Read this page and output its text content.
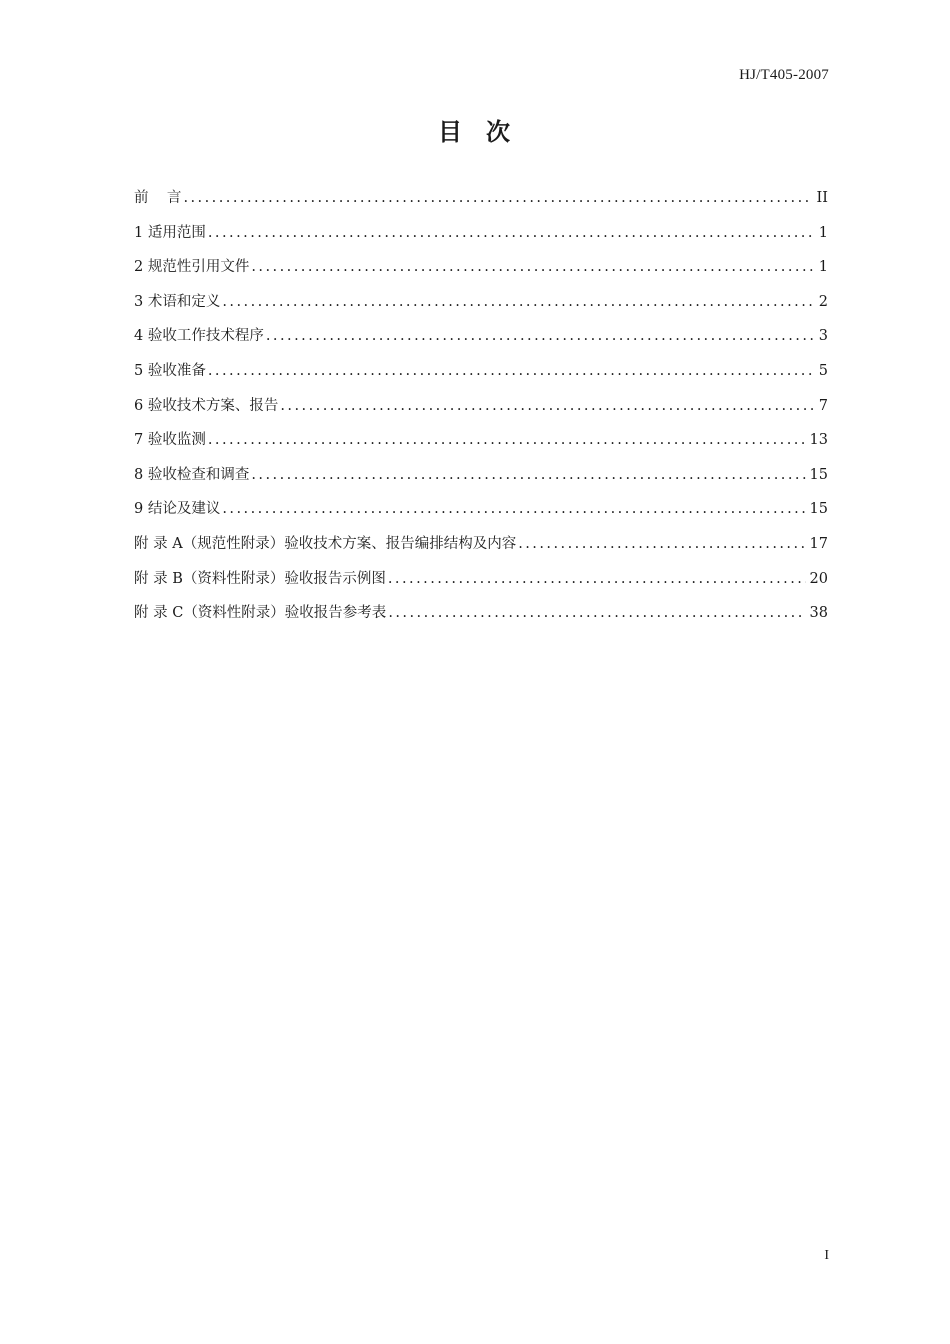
HJ/T405-2007
目 次
前    言 .....	II
1 适用范围 .....	1
2 规范性引用文件 .....	1
3 术语和定义 .....	2
4 验收工作技术程序 .....	3
5 验收准备 .....	5
6 验收技术方案、报告 .....	7
7 验收监测 .....	13
8 验收检查和调查 .....	15
9 结论及建议 .....	15
附 录 A（规范性附录）验收技术方案、报告编排结构及内容 .....	17
附 录 B（资料性附录）验收报告示例图 .....	20
附 录 C（资料性附录）验收报告参考表 .....	38
I
